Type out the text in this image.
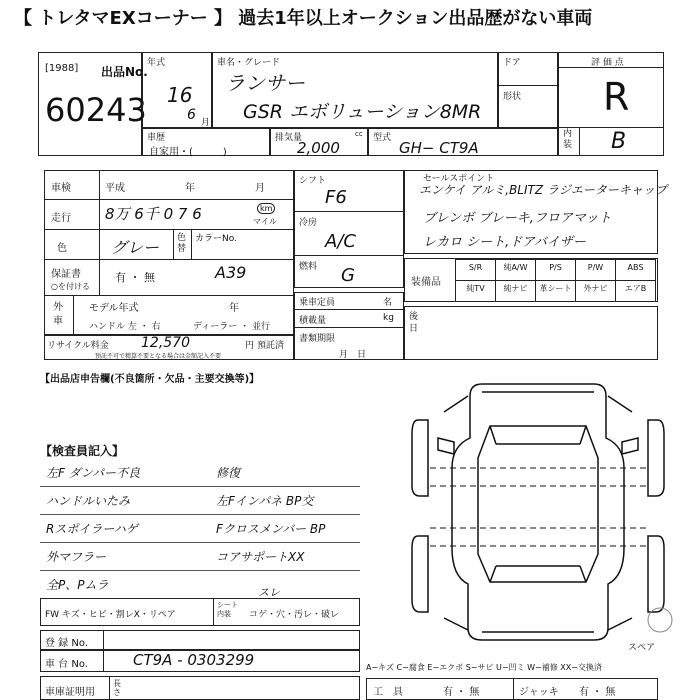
【 トレタマEXコーナー 】 過去1年以上オークション出品歴がない車両
[1988] 出品No.
60243
年式
16
6 月
車名・グレード
ランサー
GSR エボリューション8MR
ドア
形状
評 価 点
R
内装 B
車歴
自家用・(　　　)
排気量	cc
2,000
型式
GH− CT9A
車検	平成	年	月
走行 8万 6千 0 7 6	km
マイル
色	グレー 色替
カラーNo.
保証書	有 ・ 無
○を付ける
A39
外車
モデル年式	年
ハンドル 左 ・ 右	ディーラー ・ 並行
リサイクル料金 12,570	円 預託済
預託不可で精算不要となる場合は金額記入不要
シフト
F6
冷房
A/C
燃料 G
乗車定員	名
積載量	kg
書類期限
月　日
セールスポイント
エンケイ アルミ,BLITZ ラジエーターキャップ
ブレンボ ブレーキ,フロアマット
レカロ シート,ドアバイザー
装備品
S/R	純A/W	P/S	P/W	ABS
純TV	純ナビ	革シート	外ナビ	エアB
後日
【出品店申告欄(不良箇所・欠品・主要交換等)】
【検査員記入】
左F ダンパー不良	修復
ハンドルいたみ	左Fインパネ BP交
Rスポイラーハゲ	Fクロスメンバー BP
外マフラー	コアサポートXX
全P、Pムラ
FW キズ・ヒビ・割レX・リペア
シート内装	コゲ・穴・汚レ・破レ
スレ
登 録 No.
車 台 No.	CT9A - 0303299
車庫証明用
長さ	工　具	有 ・ 無	ジャッキ 有 ・ 無
A−キズ C−腐食 E−エクボ S−サビ U−凹ミ W−補修 XX−交換済
スペア
